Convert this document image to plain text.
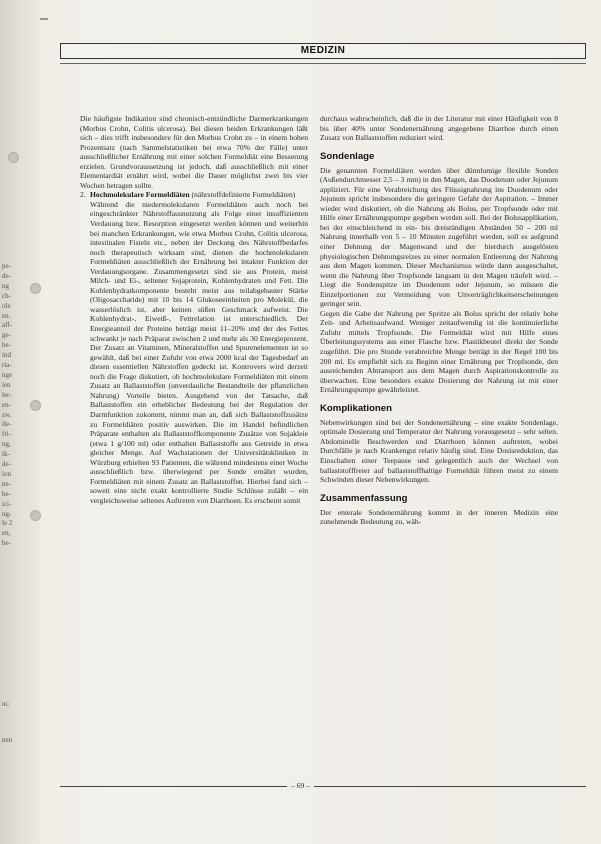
pe-
de-
ng
ch-
ole
en.
aff-
ge-
be-
ind
ria-
nge
ien
ler-
en-
zw.
ile-
fri-
ng,
ik-
de-
ion
ne-
be-
ici-
ng-
le 2
en,
be-
nc.
nen
MEDIZIN

Die häufigste Indikation sind chronisch-entzündliche Darmerkrankungen (Morbus Crohn, Colitis ulcerosa). Bei diesen beiden Erkrankungen läßt sich – dies trifft insbesondere für den Morbus Crohn zu – in einem hohen Prozentsatz (nach Sammelstatistiken bei etwa 70% der Fälle) unter ausschließlicher Ernährung mit einer solchen Formeldiät eine Besserung erzielen. Grundvoraussetzung ist jedoch, daß ausschließlich mit einer Elementardiät ernährt wird, wobei die Dauer möglichst zwei bis vier Wochen betragen sollte.

2. Hochmolekulare Formeldiäten (nährstoffdefinierte Formeldiäten)

Während die niedermolekularen Formeldiäten auch noch bei eingeschränkter Nährstoffausnutzung als Folge einer insuffizienten Verdauung bzw. Resorption eingesetzt werden können und weiterhin bei manchen Erkrankungen, wie etwa Morbus Crohn, Colitis ulcerosa, intestinalen Fisteln etc., neben der Deckung des Nährstoffbedarfes noch therapeutisch wirksam sind, dienen die hochmolekularen Formeldiäten ausschließlich der Ernährung bei intakter Funktion der Verdauungsorgane. Zusammengesetzt sind sie aus Protein, meist Milch- und Ei-, seltener Sojaprotein, Kohlenhydraten und Fett. Die Kohlenhydratkomponente besteht meist aus teilabgebauter Stärke (Oligosaccharide) mit 10 bis 14 Glukoseeinheiten pro Molekül, die wasserlöslich ist, aber keinen süßen Geschmack aufweist. Die Kohlenhydrat-, Eiweiß-, Fettrelation ist unterschiedlich. Der Energieanteil der Proteine beträgt meist 11–20% und der des Fettes schwankt je nach Präparat zwischen 2 und mehr als 30 Energieprozent. Der Zusatz an Vitaminen, Mineralstoffen und Spurenelementen ist so gewählt, daß bei einer Zufuhr von etwa 2000 kcal der Tagesbedarf an diesen essentiellen Nährstoffen gedeckt ist. Kontrovers wird derzeit noch die Frage diskutiert, ob hochmolekulare Formeldiäten mit einem Zusatz an Ballaststoffen (unverdauliche Bestandteile der pflanzlichen Nahrung) Vorteile bieten. Ausgehend von der Tatsache, daß Ballaststoffen ein erheblicher Bedeutung bei der Regulation der Darmfunktion zukommt, nimmt man an, daß sich Ballaststoffzusätze zu Formeldiäten positiv auswirken. Die im Handel befindlichen Präparate enthalten als Ballaststoffkomponente Zusätze von Sojakleie (etwa 1 g/100 ml) oder enthalten Ballaststoffe aus Getreide in etwa gleicher Menge. Auf Wachstationen der Universitätskliniken in Würzburg erhielten 93 Patienten, die während mindestens einer Woche ausschließlich bzw. überwiegend per Sonde ernährt wurden, Formeldiäten mit einem Zusatz an Ballaststoffen. Hierbei fand sich – soweit eine nicht exakt kontrollierte Studie Schlüsse zuläßt – ein vergleichsweise seltenes Auftreten von Diarrhoen. Es erscheint somit

durchaus wahrscheinlich, daß die in der Literatur mit einer Häufigkeit von 8 bis über 40% unter Sondenernährung angegebene Diarrhoe durch einen Zusatz von Ballaststoffen reduziert wird.

Sondenlage

Die genannten Formeldiäten werden über dünnlumige flexible Sonden (Außendurchmesser 2,5 – 3 mm) in den Magen, das Duodenum oder Jejunum appliziert. Für eine Verabreichung des Flüssignahrung ins Duodenum oder Jejunum spricht insbesondere die geringere Gefahr der Aspiration. – Immer wieder wird diskutiert, ob die Nahrung als Bolus, per Tropfsonde oder mit Hilfe einer Ernährungspumpe gegeben werden soll. Bei der Bolusapplikation, bei der einschleichend in ein- bis dreistündigen Abständen 50 – 200 ml Nahrung innerhalb von 5 – 10 Minuten zugeführt werden, soll es aufgrund einer Dehnung der Magenwand und der hierdurch ausgelösten physiologischen Dehnungsreizes zu einer normalen Entleerung der Nahrung aus dem Magen kommen. Dieser Mechanismus würde dann ausgeschaltet, wenn die Nahrung über Tropfsonde langsam in den Magen träufelt wird. – Liegt die Sondenspitze im Duodenum oder Jejunum, so müssen die Einzelportionen zur Vermeidung von Unverträglichkeitserscheinungen geringer sein.

Gegen die Gabe der Nahrung per Spritze als Bolus spricht der relativ hohe Zeit- und Arbeitsaufwand. Weniger zeitaufwendig ist die kontinuierliche Zufuhr mittels Tropfsonde. Die Formeldiät wird mit Hilfe eines Überleitungssystems aus einer Flasche bzw. Plastikbeutel direkt der Sonde zugeführt. Die pro Stunde verabreichte Menge beträgt in der Regel 100 bis 200 ml. Es empfiehlt sich zu Beginn einer Ernährung per Tropfsonde, den ausreichenden Abtransport aus dem Magen durch Aspirationskontrolle zu überwachen. Eine besonders exakte Dosierung der Nahrung ist mit einer Ernährungspumpe gewährleistet.

Komplikationen

Nebenwirkungen sind bei der Sondenernährung – eine exakte Sondenlage, optimale Dosierung und Temperatur der Nahrung vorausgesetzt – sehr selten. Abdominelle Beschwerden und Diarrhoen können auftreten, wobei Durchfälle je nach Krankengut relativ häufig sind. Eine Dosisreduktion, das Einschalten einer Teepause und gelegentlich auch der Wechsel von ballaststofffreier auf ballaststoffhaltige Formeldiät führen meist zu einem Schwinden dieser Nebenwirkungen.

Zusammenfassung

Der enterale Sondenernährung kommt in der inneren Medizin eine zunehmende Bedeutung zu, wäh-

– 69 –
